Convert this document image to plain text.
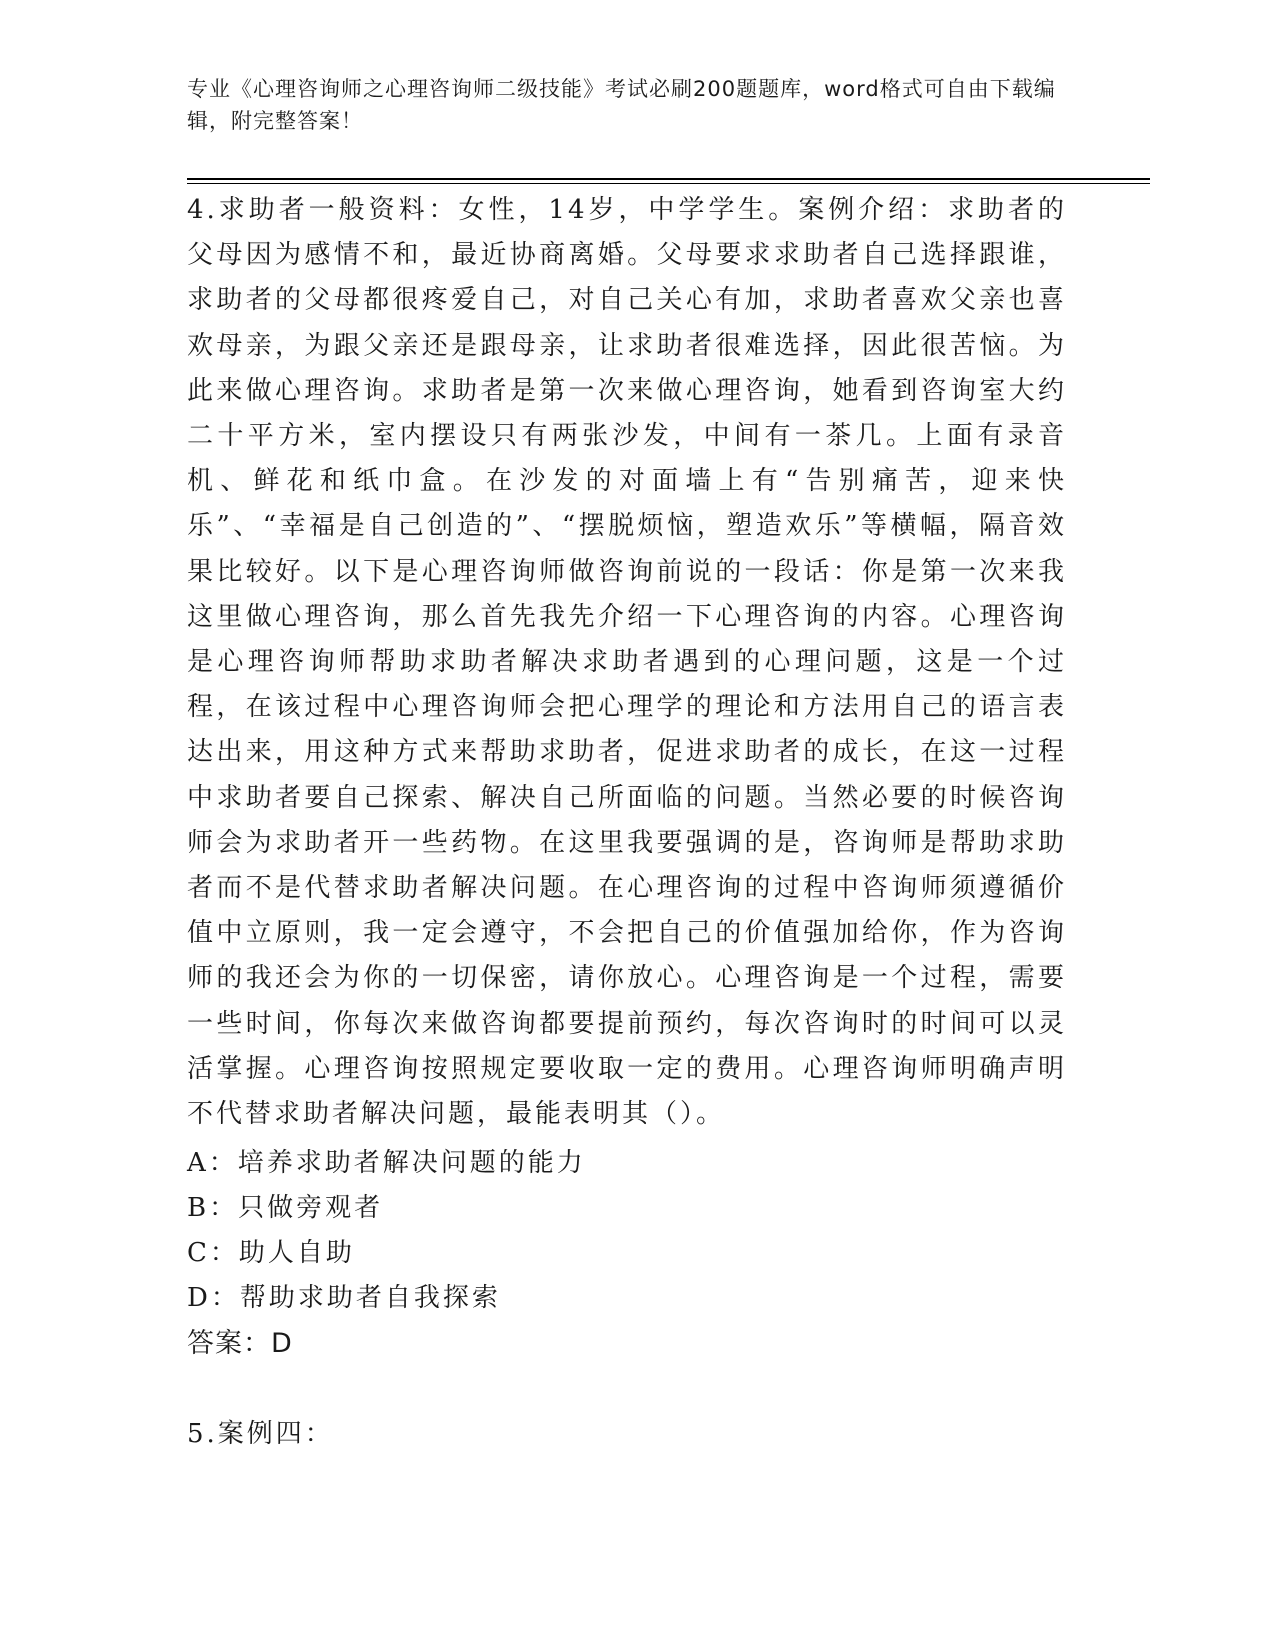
专业《心理咨询师之心理咨询师二级技能》考试必刷200题题库，word格式可自由下载编辑，附完整答案！

4.求助者一般资料：女性，14岁，中学学生。案例介绍：求助者的父母因为感情不和，最近协商离婚。父母要求求助者自己选择跟谁，求助者的父母都很疼爱自己，对自己关心有加，求助者喜欢父亲也喜欢母亲，为跟父亲还是跟母亲，让求助者很难选择，因此很苦恼。为此来做心理咨询。求助者是第一次来做心理咨询，她看到咨询室大约二十平方米，室内摆设只有两张沙发，中间有一茶几。上面有录音机、鲜花和纸巾盒。在沙发的对面墙上有“告别痛苦，迎来快乐”、“幸福是自己创造的”、“摆脱烦恼，塑造欢乐”等横幅，隔音效果比较好。以下是心理咨询师做咨询前说的一段话：你是第一次来我这里做心理咨询，那么首先我先介绍一下心理咨询的内容。心理咨询是心理咨询师帮助求助者解决求助者遇到的心理问题，这是一个过程，在该过程中心理咨询师会把心理学的理论和方法用自己的语言表达出来，用这种方式来帮助求助者，促进求助者的成长，在这一过程中求助者要自己探索、解决自己所面临的问题。当然必要的时候咨询师会为求助者开一些药物。在这里我要强调的是，咨询师是帮助求助者而不是代替求助者解决问题。在心理咨询的过程中咨询师须遵循价值中立原则，我一定会遵守，不会把自己的价值强加给你，作为咨询师的我还会为你的一切保密，请你放心。心理咨询是一个过程，需要一些时间，你每次来做咨询都要提前预约，每次咨询时的时间可以灵活掌握。心理咨询按照规定要收取一定的费用。心理咨询师明确声明不代替求助者解决问题，最能表明其（）。

A：培养求助者解决问题的能力
B：只做旁观者
C：助人自助
D：帮助求助者自我探索
答案：D
5.案例四：
